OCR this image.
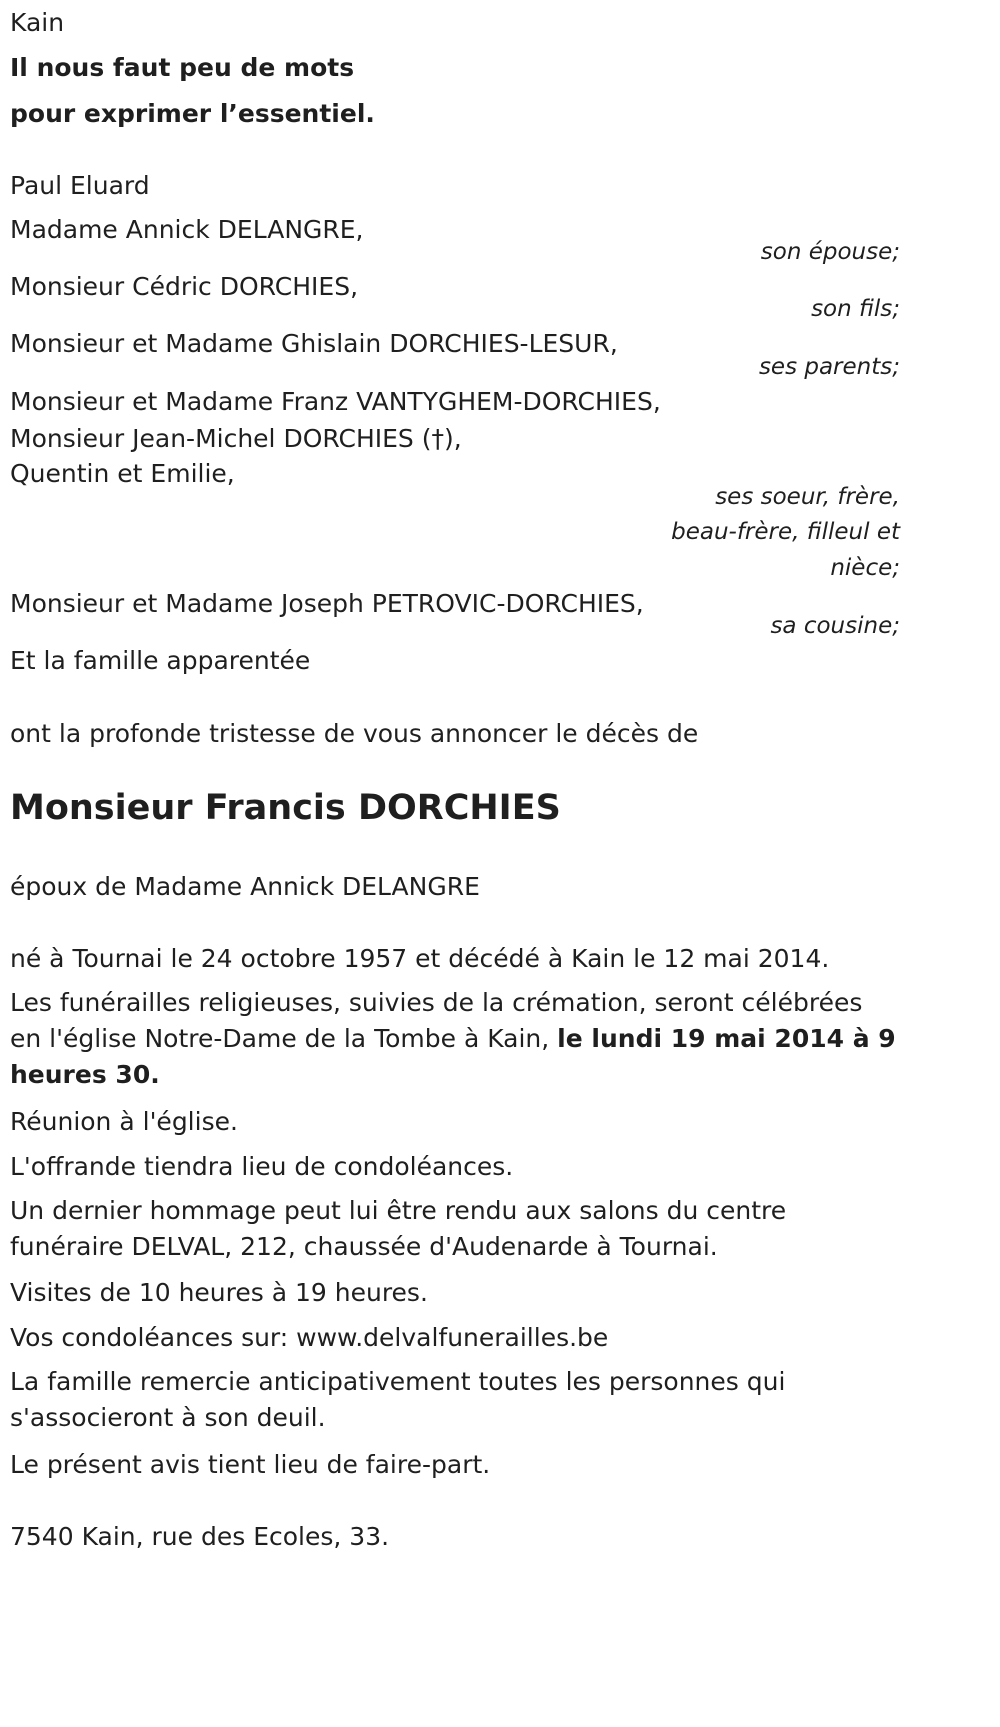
Kain
Il nous faut peu de mots
pour exprimer l’essentiel.
Paul Eluard
Madame Annick DELANGRE,
son épouse;
Monsieur Cédric DORCHIES,
son fils;
Monsieur et Madame Ghislain DORCHIES-LESUR,
ses parents;
Monsieur et Madame Franz VANTYGHEM-DORCHIES,
Monsieur Jean-Michel DORCHIES (†),
Quentin et Emilie,
ses soeur, frère,
beau-frère, filleul et
nièce;
Monsieur et Madame Joseph PETROVIC-DORCHIES,
sa cousine;
Et la famille apparentée
ont la profonde tristesse de vous annoncer le décès de
Monsieur Francis DORCHIES
époux de Madame Annick DELANGRE
né à Tournai le 24 octobre 1957 et décédé à Kain le 12 mai 2014.
Les funérailles religieuses, suivies de la crémation, seront célébrées en l'église Notre-Dame de la Tombe à Kain, le lundi 19 mai 2014 à 9 heures 30.
Réunion à l'église.
L'offrande tiendra lieu de condoléances.
Un dernier hommage peut lui être rendu aux salons du centre funéraire DELVAL, 212, chaussée d'Audenarde à Tournai.
Visites de 10 heures à 19 heures.
Vos condoléances sur: www.delvalfunerailles.be
La famille remercie anticipativement toutes les personnes qui s'associeront à son deuil.
Le présent avis tient lieu de faire-part.
7540 Kain, rue des Ecoles, 33.
